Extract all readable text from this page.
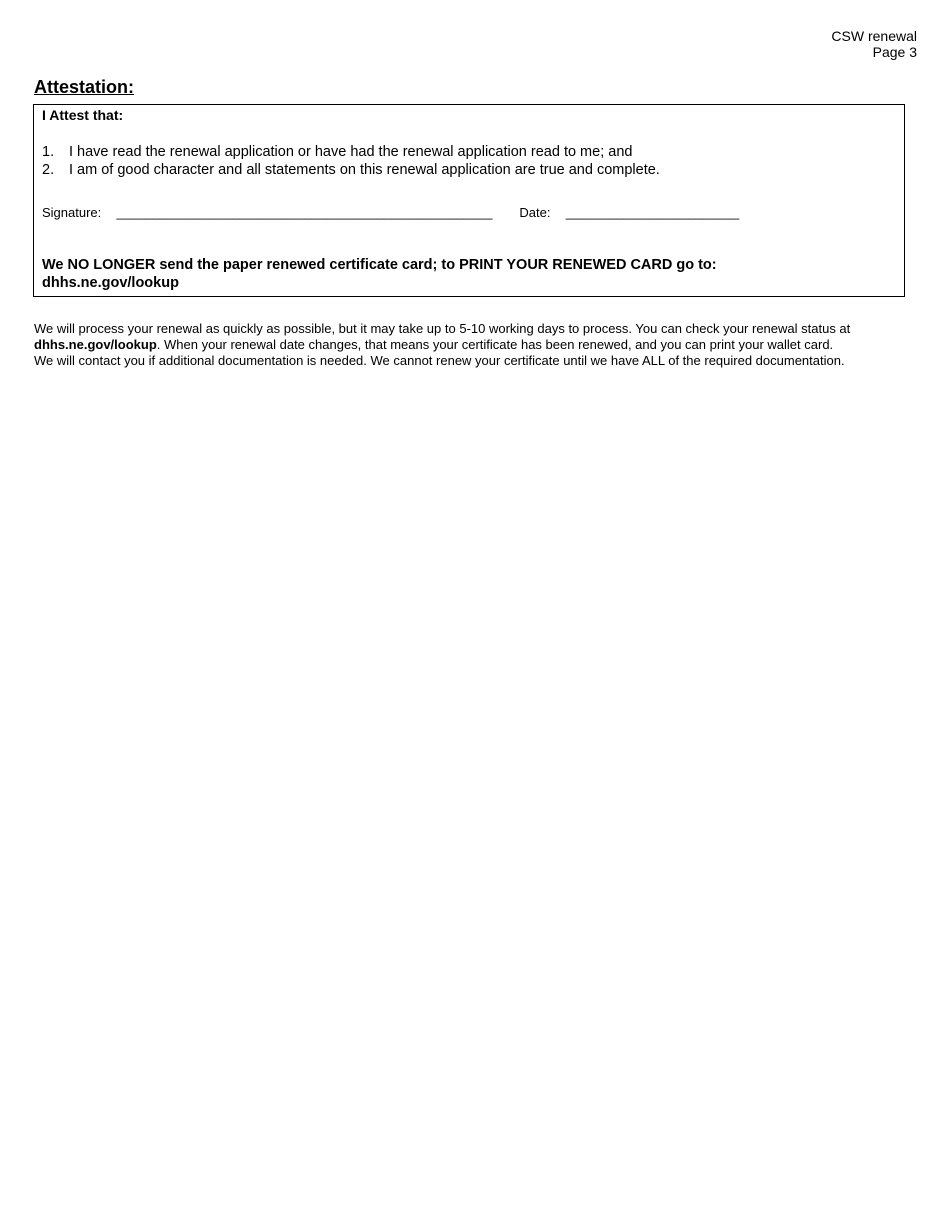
CSW renewal
Page 3
Attestation:
I Attest that:
1.	I have read the renewal application or have had the renewal application read to me; and
2.	I am of good character and all statements on this renewal application are true and complete.
Signature: ____________________________________________________ Date: ________________________
We NO LONGER send the paper renewed certificate card; to PRINT YOUR RENEWED CARD go to:
dhhs.ne.gov/lookup
We will process your renewal as quickly as possible, but it may take up to 5-10 working days to process. You can check your renewal status at
dhhs.ne.gov/lookup. When your renewal date changes, that means your certificate has been renewed, and you can print your wallet card.
We will contact you if additional documentation is needed. We cannot renew your certificate until we have ALL of the required documentation.
